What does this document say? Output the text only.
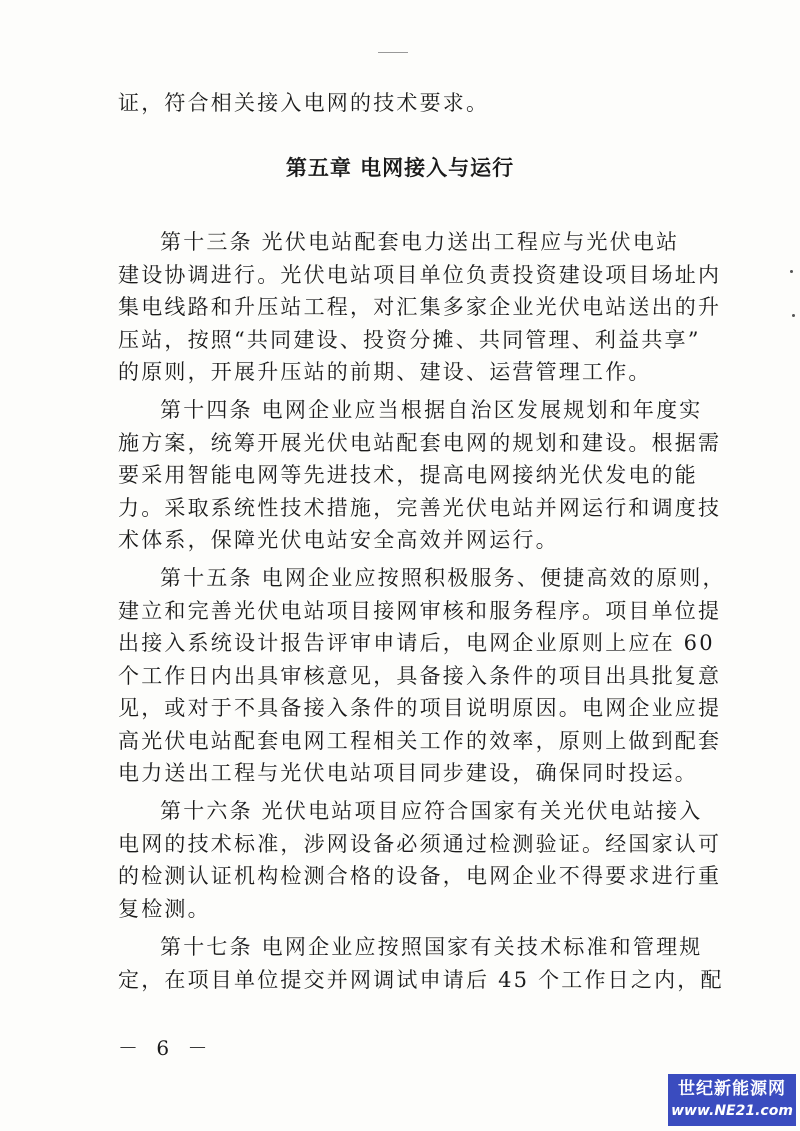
证，符合相关接入电网的技术要求。
第五章 电网接入与运行
第十三条 光伏电站配套电力送出工程应与光伏电站
建设协调进行。光伏电站项目单位负责投资建设项目场址内
集电线路和升压站工程，对汇集多家企业光伏电站送出的升
压站，按照“共同建设、投资分摊、共同管理、利益共享”
的原则，开展升压站的前期、建设、运营管理工作。
第十四条 电网企业应当根据自治区发展规划和年度实
施方案，统筹开展光伏电站配套电网的规划和建设。根据需
要采用智能电网等先进技术，提高电网接纳光伏发电的能
力。采取系统性技术措施，完善光伏电站并网运行和调度技
术体系，保障光伏电站安全高效并网运行。
第十五条 电网企业应按照积极服务、便捷高效的原则，
建立和完善光伏电站项目接网审核和服务程序。项目单位提
出接入系统设计报告评审申请后，电网企业原则上应在 60
个工作日内出具审核意见，具备接入条件的项目出具批复意
见，或对于不具备接入条件的项目说明原因。电网企业应提
高光伏电站配套电网工程相关工作的效率，原则上做到配套
电力送出工程与光伏电站项目同步建设，确保同时投运。
第十六条 光伏电站项目应符合国家有关光伏电站接入
电网的技术标准，涉网设备必须通过检测验证。经国家认可
的检测认证机构检测合格的设备，电网企业不得要求进行重
复检测。
第十七条 电网企业应按照国家有关技术标准和管理规
定，在项目单位提交并网调试申请后 45 个工作日之内，配
－ 6 －
世纪新能源网
www.NE21.com
